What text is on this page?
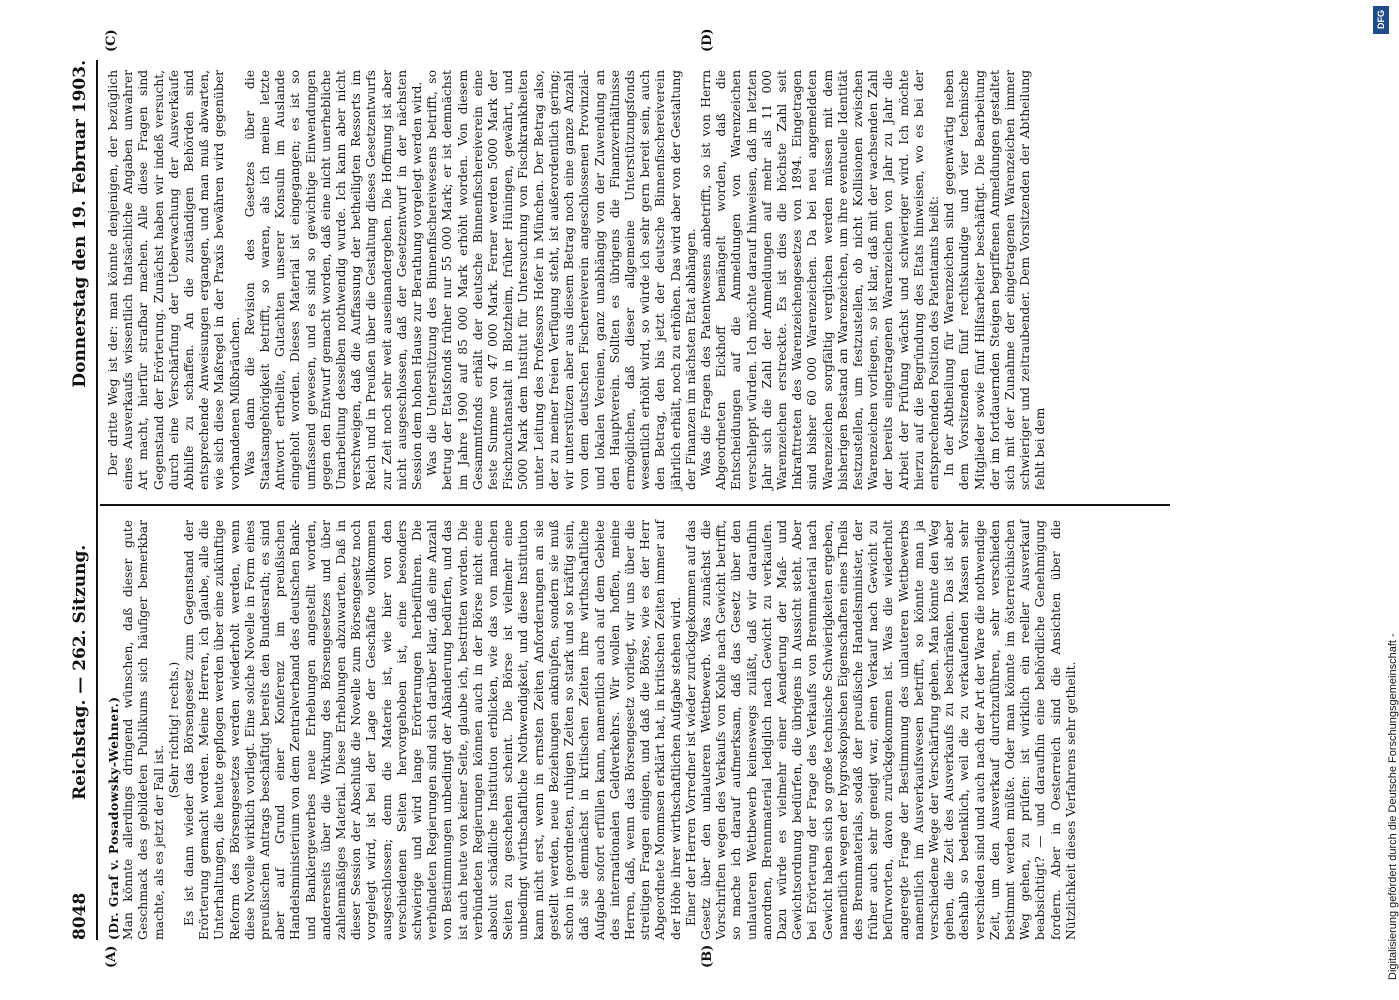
8048
Reichstag. — 262. Sitzung.
Donnerstag den 19. Februar 1903.
(A)	(B)
(C)	(D)

(Dr. Graf v. Posadowsky-Wehner.) Man könnte allerdings dringend wünschen, daß dieser gute Geschmack des gebildeten Publikums sich häufiger bemerkbar machte, als es jetzt der Fall ist.

(Sehr richtig! rechts.) Es ist dann wieder das Börsengesetz zum Gegenstand der Erörterung gemacht worden. Meine Herren, ich glaube, alle die Unterhaltungen, die heute gepflogen werden über eine zukünftige Reform des Börsengesetzes werden wiederholt werden, wenn diese Novelle wirklich vorliegt. Eine solche Novelle in Form eines preußischen Antrags beschäftigt bereits den Bundesrath; es sind aber auf Grund einer Konferenz im preußischen Handelsministerium von dem Zentralverband des deutschen Bank- und Bankiergewerbes neue Erhebungen angestellt worden, andererseits über die Wirkung des Börsengesetzes und über zahlenmäßiges Material. Diese Erhebungen abzuwarten. Daß in dieser Session der Abschluß die Novelle zum Börsengesetz noch vorgelegt wird, ist bei der Lage der Geschäfte vollkommen ausgeschlossen; denn die Materie ist, wie hier von den verschiedenen Seiten hervorgehoben ist, eine besonders schwierige und wird lange Erörterungen herbeiführen. Die verbündeten Regierungen sind sich darüber klar, daß eine Anzahl von Bestimmungen unbedingt der Abänderung bedürfen, und das ist auch heute von keiner Seite, glaube ich, bestritten worden. Die verbündeten Regierungen können auch in der Börse nicht eine absolut schädliche Institution erblicken, wie das von manchen Seiten zu geschehen scheint. Die Börse ist vielmehr eine unbedingt wirthschaftliche Nothwendigkeit, und diese Institution kann nicht erst, wenn in ernsten Zeiten Anforderungen an sie gestellt werden, neue Beziehungen anknüpfen, sondern sie muß schon in geordneten, ruhigen Zeiten so stark und so kräftig sein, daß sie demnächst in kritischen Zeiten ihre wirthschaftliche Aufgabe sofort erfüllen kann, namentlich auch auf dem Gebiete des internationalen Geldverkehrs. Wir wollen hoffen, meine Herren, daß, wenn das Börsengesetz vorliegt, wir uns über die streitigen Fragen einigen, und daß die Börse, wie es der Herr Abgeordnete Mommsen erklärt hat, in kritischen Zeiten immer auf der Höhe ihrer wirthschaftlichen Aufgabe stehen wird. Einer der Herren Vorredner ist wieder zurückgekommen auf das Gesetz über den unlauteren Wettbewerb. Was zunächst die Vorschriften wegen des Verkaufs von Kohle nach Gewicht betrifft, so mache ich darauf aufmerksam, daß das Gesetz über den unlauteren Wettbewerb keineswegs zuläßt, daß wir daraufhin anordnen, Brennmaterial lediglich nach Gewicht zu verkaufen. Dazu würde es vielmehr einer Aenderung der Maß- und Gewichtsordnung bedürfen, die übrigens in Aussicht steht. Aber bei Erörterung der Frage des Verkaufs von Brennmaterial nach Gewicht haben sich so große technische Schwierigkeiten ergeben, namentlich wegen der hygroskopischen Eigenschaften eines Theils des Brennmaterials, sodaß der preußische Handelsminister, der früher auch sehr geneigt war, einen Verkauf nach Gewicht zu befürworten, davon zurückgekommen ist. Was die wiederholt angeregte Frage der Bestimmung des unlauteren Wettbewerbs namentlich im Ausverkaufswesen betrifft, so könnte man ja verschiedene Wege der Verschärfung gehen. Man könnte den Weg gehen, die Zeit des Ausverkaufs zu beschränken. Das ist aber deshalb so bedenklich, weil die zu verkaufenden Massen sehr verschieden sind und auch nach der Art der Ware die nothwendige Zeit, um den Ausverkauf durchzuführen, sehr verschieden bestimmt werden müßte. Oder man könnte im österreichischen Weg gehen, zu prüfen: ist wirklich ein reeller Ausverkauf beabsichtigt? — und daraufhin eine behördliche Genehmigung fordern. Aber in Oesterreich sind die Ansichten über die Nützlichkeit dieses Verfahrens sehr getheilt.

Der dritte Weg ist der: man könnte denjenigen, der bezüglich eines Ausverkaufs wissentlich thatsächliche Angaben unwahrer Art macht, hierfür strafbar machen. Alle diese Fragen sind Gegenstand der Erörterung. Zunächst haben wir indeß versucht, durch eine Verschärfung der Ueberwachung der Ausverkäufe Abhilfe zu schaffen. An die zuständigen Behörden sind entsprechende Anweisungen ergangen, und man muß abwarten, wie sich diese Maßregel in der Praxis bewähren wird gegenüber vorhandenen Mißbräuchen. Was dann die Revision des Gesetzes über die Staatsangehörigkeit betrifft, so waren, als ich meine letzte Antwort ertheilte, Gutachten unserer Konsuln im Auslande eingeholt worden. Dieses Material ist eingegangen; es ist so umfassend gewesen, und es sind so gewichtige Einwendungen gegen den Entwurf gemacht worden, daß eine nicht unerhebliche Umarbeitung desselben nothwendig wurde. Ich kann aber nicht verschweigen, daß die Auffassung der betheiligten Ressorts im Reich und in Preußen über die Gestaltung dieses Gesetzentwurfs zur Zeit noch sehr weit auseinandergehen. Die Hoffnung ist aber nicht ausgeschlossen, daß der Gesetzentwurf in der nächsten Session dem hohen Hause zur Berathung vorgelegt werden wird. Was die Unterstützung des Binnenfischereiwesens betrifft, so betrug der Etatsfonds früher nur 55 000 Mark; er ist demnächst im Jahre 1900 auf 85 000 Mark erhöht worden. Von diesem Gesammtfonds erhält der deutsche Binnenfischereiverein eine feste Summe von 47 000 Mark. Ferner werden 5000 Mark der Fischzuchtanstalt in Blotzheim, früher Hüningen, gewährt, und 5000 Mark dem Institut für Untersuchung von Fischkrankheiten unter Leitung des Professors Hofer in München. Der Betrag also, der zu meiner freien Verfügung steht, ist außerordentlich gering; wir unterstützen aber aus diesem Betrag noch eine ganze Anzahl von dem deutschen Fischereiverein angeschlossenen Provinzial- und lokalen Vereinen, ganz unabhängig von der Zuwendung an den Hauptverein. Sollten es übrigens die Finanzverhältnisse ermöglichen, daß dieser allgemeine Unterstützungsfonds wesentlich erhöht wird, so würde ich sehr gern bereit sein, auch den Betrag, den bis jetzt der deutsche Binnenfischereiverein jährlich erhält, noch zu erhöhen. Das wird aber von der Gestaltung der Finanzen im nächsten Etat abhängen. Was die Fragen des Patentwesens anbetrifft, so ist von Herrn Abgeordneten Eickhoff bemängelt worden, daß die Entscheidungen auf die Anmeldungen von Warenzeichen verschleppt würden. Ich möchte darauf hinweisen, daß im letzten Jahr sich die Zahl der Anmeldungen auf mehr als 11 000 Warenzeichen erstreckte. Es ist dies die höchste Zahl seit Inkrafttreten des Warenzeichengesetzes von 1894. Eingetragen sind bisher 60 000 Warenzeichen. Da bei neu angemeldeten Warenzeichen sorgfältig verglichen werden müssen mit dem bisherigen Bestand an Warenzeichen, um ihre eventuelle Identität festzustellen, um festzustellen, ob nicht Kollisionen zwischen Warenzeichen vorliegen, so ist klar, daß mit der wachsenden Zahl der bereits eingetragenen Warenzeichen von Jahr zu Jahr die Arbeit der Prüfung wächst und schwieriger wird. Ich möchte hierzu auf die Begründung des Etats hinweisen, wo es bei der entsprechenden Position des Patentamts heißt: In der Abtheilung für Warenzeichen sind gegenwärtig neben dem Vorsitzenden fünf rechtskundige und vier technische Mitglieder sowie fünf Hilfsarbeiter beschäftigt. Die Bearbeitung der im fortdauernden Steigen begriffenen Anmeldungen gestaltet sich mit der Zunahme der eingetragenen Warenzeichen immer schwieriger und zeitraubender. Dem Vorsitzenden der Abtheilung fehlt bei dem

DFG
Digitalisierung gefördert durch die Deutsche Forschungsgemeinschaft -
